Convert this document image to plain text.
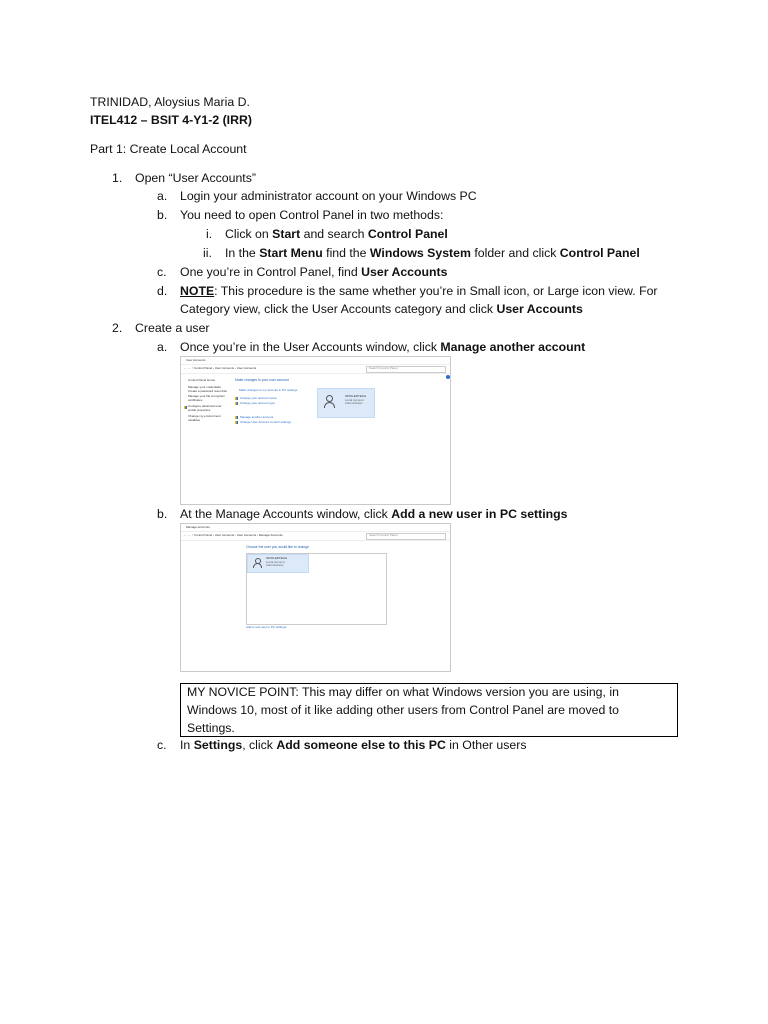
TRINIDAD, Aloysius Maria D.
ITEL412 – BSIT 4-Y1-2 (IRR)
Part 1: Create Local Account
1. Open “User Accounts”
a. Login your administrator account on your Windows PC
b. You need to open Control Panel in two methods:
i. Click on Start and search Control Panel
ii. In the Start Menu find the Windows System folder and click Control Panel
c. One you’re in Control Panel, find User Accounts
d. NOTE: This procedure is the same whether you’re in Small icon, or Large icon view. For
Category view, click the User Accounts category and click User Accounts
2. Create a user
a. Once you’re in the User Accounts window, click Manage another account
User Accounts
← → ↑ Control Panel › User Accounts › User Accounts	Search Control Panel
Control Panel Home
Manage your credentials
Create a password reset disk
Manage your file encryption
certificates
Configure advanced user
profile properties
Change my environment
variables
Make changes to your user account
Make changes to my account in PC settings
Change your account name
Change your account type
Manage another account
Change User Account Control settings
SPOILEDTECH
Local Account
Administrator
b. At the Manage Accounts window, click Add a new user in PC settings
Manage Accounts
← → ↑ Control Panel › User Accounts › User Accounts › Manage Accounts	Search Control Panel
Choose the user you would like to change
SPOILEDTECH
Local Account
Administrator
Add a new user in PC settings
MY NOVICE POINT: This may differ on what Windows version you are using, in
Windows 10, most of it like adding other users from Control Panel are moved to
Settings.
c. In Settings, click Add someone else to this PC in Other users
